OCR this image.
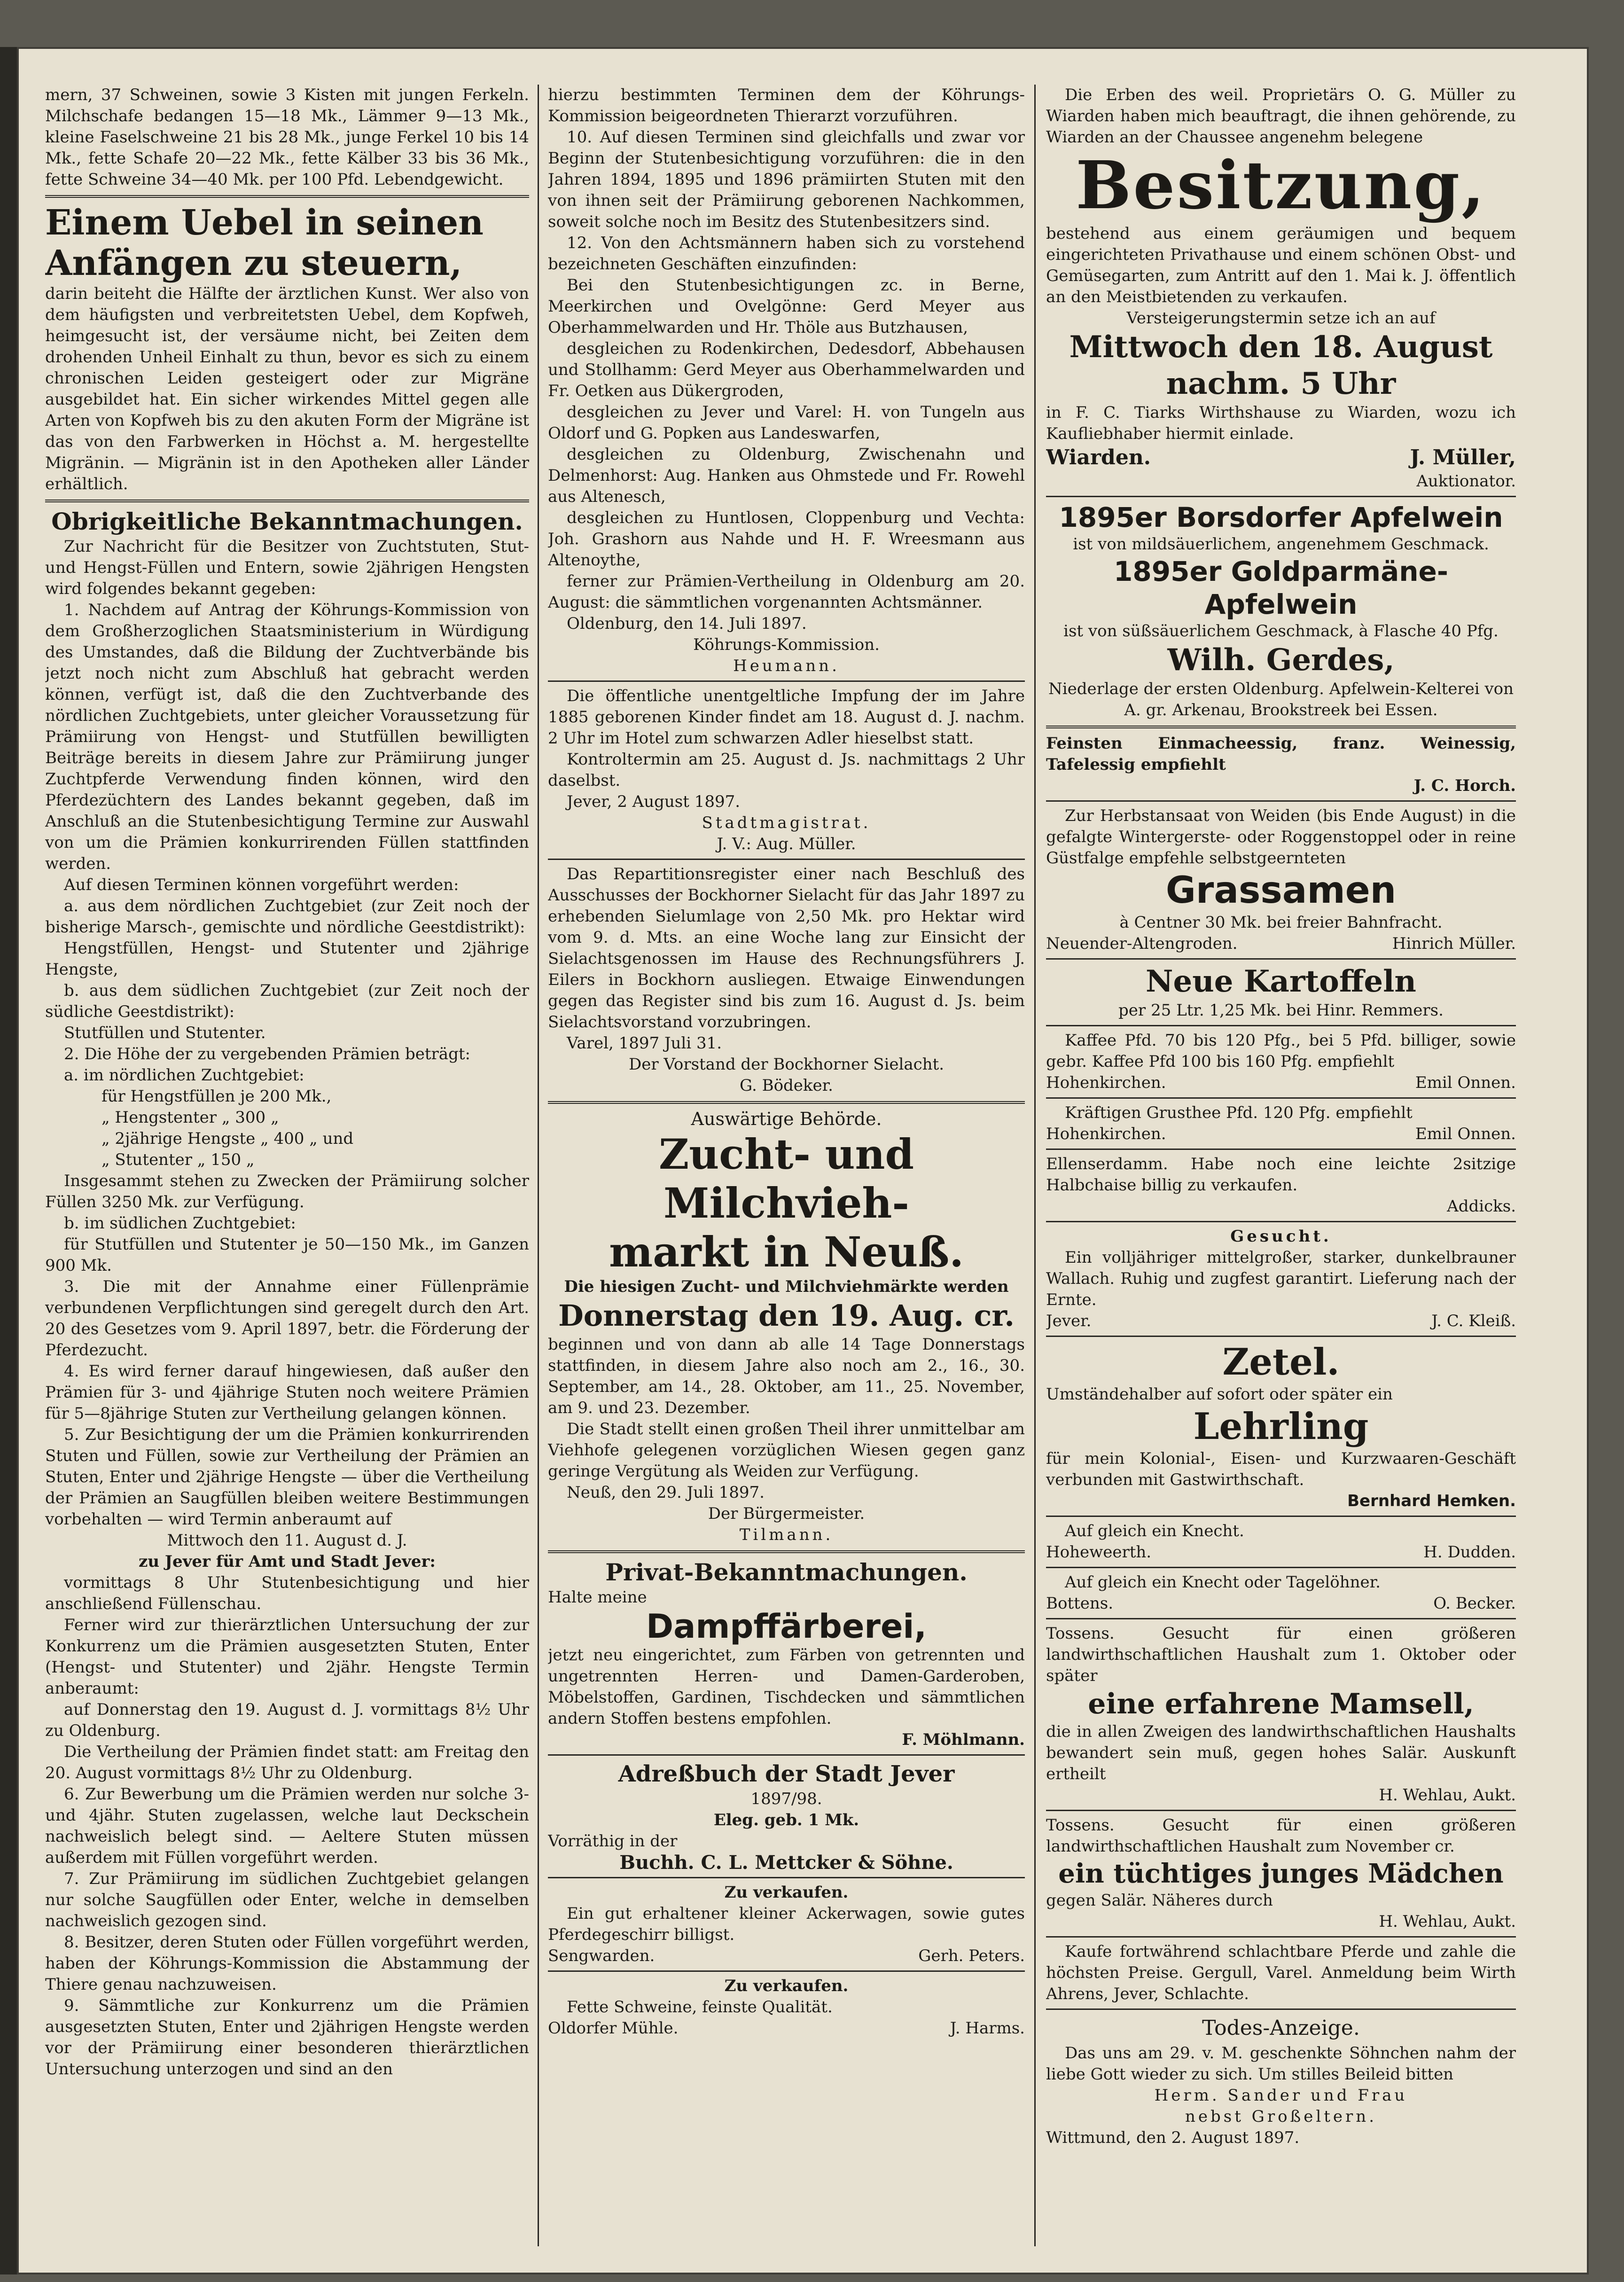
mern, 37 Schweinen, sowie 3 Kisten mit jungen Ferkeln. Milchschafe bedangen 15—18 Mk., Lämmer 9—13 Mk., kleine Faselschweine 21 bis 28 Mk., junge Ferkel 10 bis 14 Mk., fette Schafe 20—22 Mk., fette Kälber 33 bis 36 Mk., fette Schweine 34—40 Mk. per 100 Pfd. Lebendgewicht.

Einem Uebel in seinen Anfängen zu steuern,

darin beiteht die Hälfte der ärztlichen Kunst. Wer also von dem häufigsten und verbreitetsten Uebel, dem Kopfweh, heimgesucht ist, der versäume nicht, bei Zeiten dem drohenden Unheil Einhalt zu thun, bevor es sich zu einem chronischen Leiden gesteigert oder zur Migräne ausgebildet hat. Ein sicher wirkendes Mittel gegen alle Arten von Kopfweh bis zu den akuten Form der Migräne ist das von den Farbwerken in Höchst a. M. hergestellte Migränin. — Migränin ist in den Apotheken aller Länder erhältlich.

Obrigkeitliche Bekanntmachungen.

Zur Nachricht für die Besitzer von Zuchtstuten, Stut- und Hengst-Füllen und Entern, sowie 2jährigen Hengsten wird folgendes bekannt gegeben:

1. Nachdem auf Antrag der Köhrungs-Kommission von dem Großherzoglichen Staatsministerium in Würdigung des Umstandes, daß die Bildung der Zuchtverbände bis jetzt noch nicht zum Abschluß hat gebracht werden können, verfügt ist, daß die den Zuchtverbande des nördlichen Zuchtgebiets, unter gleicher Voraussetzung für Prämiirung von Hengst- und Stutfüllen bewilligten Beiträge bereits in diesem Jahre zur Prämiirung junger Zuchtpferde Verwendung finden können, wird den Pferdezüchtern des Landes bekannt gegeben, daß im Anschluß an die Stutenbesichtigung Termine zur Auswahl von um die Prämien konkurrirenden Füllen stattfinden werden.

Auf diesen Terminen können vorgeführt werden:

a. aus dem nördlichen Zuchtgebiet (zur Zeit noch der bisherige Marsch-, gemischte und nördliche Geestdistrikt):

Hengstfüllen, Hengst- und Stutenter und 2jährige Hengste,

b. aus dem südlichen Zuchtgebiet (zur Zeit noch der südliche Geestdistrikt):

Stutfüllen und Stutenter.

2. Die Höhe der zu vergebenden Prämien beträgt:

a. im nördlichen Zuchtgebiet:

für Hengstfüllen je 200 Mk.,

„ Hengstenter „ 300 „

„ 2jährige Hengste „ 400 „ und

„ Stutenter „ 150 „

Insgesammt stehen zu Zwecken der Prämiirung solcher Füllen 3250 Mk. zur Verfügung.

b. im südlichen Zuchtgebiet:

für Stutfüllen und Stutenter je 50—150 Mk., im Ganzen 900 Mk.

3. Die mit der Annahme einer Füllenprämie verbundenen Verpflichtungen sind geregelt durch den Art. 20 des Gesetzes vom 9. April 1897, betr. die Förderung der Pferdezucht.

4. Es wird ferner darauf hingewiesen, daß außer den Prämien für 3- und 4jährige Stuten noch weitere Prämien für 5—8jährige Stuten zur Vertheilung gelangen können.

5. Zur Besichtigung der um die Prämien konkurrirenden Stuten und Füllen, sowie zur Vertheilung der Prämien an Stuten, Enter und 2jährige Hengste — über die Vertheilung der Prämien an Saugfüllen bleiben weitere Bestimmungen vorbehalten — wird Termin anberaumt auf

Mittwoch den 11. August d. J.

zu Jever für Amt und Stadt Jever:

vormittags 8 Uhr Stutenbesichtigung und hier anschließend Füllenschau.

Ferner wird zur thierärztlichen Untersuchung der zur Konkurrenz um die Prämien ausgesetzten Stuten, Enter (Hengst- und Stutenter) und 2jähr. Hengste Termin anberaumt:

auf Donnerstag den 19. August d. J. vormittags 8½ Uhr zu Oldenburg.

Die Vertheilung der Prämien findet statt: am Freitag den 20. August vormittags 8½ Uhr zu Oldenburg.

6. Zur Bewerbung um die Prämien werden nur solche 3- und 4jähr. Stuten zugelassen, welche laut Deckschein nachweislich belegt sind. — Aeltere Stuten müssen außerdem mit Füllen vorgeführt werden.

7. Zur Prämiirung im südlichen Zuchtgebiet gelangen nur solche Saugfüllen oder Enter, welche in demselben nachweislich gezogen sind.

8. Besitzer, deren Stuten oder Füllen vorgeführt werden, haben der Köhrungs-Kommission die Abstammung der Thiere genau nachzuweisen.

9. Sämmtliche zur Konkurrenz um die Prämien ausgesetzten Stuten, Enter und 2jährigen Hengste werden vor der Prämiirung einer besonderen thierärztlichen Untersuchung unterzogen und sind an den

hierzu bestimmten Terminen dem der Köhrungs-Kommission beigeordneten Thierarzt vorzuführen.

10. Auf diesen Terminen sind gleichfalls und zwar vor Beginn der Stutenbesichtigung vorzuführen: die in den Jahren 1894, 1895 und 1896 prämiirten Stuten mit den von ihnen seit der Prämiirung geborenen Nachkommen, soweit solche noch im Besitz des Stutenbesitzers sind.

12. Von den Achtsmännern haben sich zu vorstehend bezeichneten Geschäften einzufinden:

Bei den Stutenbesichtigungen zc. in Berne, Meerkirchen und Ovelgönne: Gerd Meyer aus Oberhammelwarden und Hr. Thöle aus Butzhausen,

desgleichen zu Rodenkirchen, Dedesdorf, Abbehausen und Stollhamm: Gerd Meyer aus Oberhammelwarden und Fr. Oetken aus Dükergroden,

desgleichen zu Jever und Varel: H. von Tungeln aus Oldorf und G. Popken aus Landeswarfen,

desgleichen zu Oldenburg, Zwischenahn und Delmenhorst: Aug. Hanken aus Ohmstede und Fr. Rowehl aus Altenesch,

desgleichen zu Huntlosen, Cloppenburg und Vechta: Joh. Grashorn aus Nahde und H. F. Wreesmann aus Altenoythe,

ferner zur Prämien-Vertheilung in Oldenburg am 20. August: die sämmtlichen vorgenannten Achtsmänner.

Oldenburg, den 14. Juli 1897.

Köhrungs-Kommission.

Heumann.

Die öffentliche unentgeltliche Impfung der im Jahre 1885 geborenen Kinder findet am 18. August d. J. nachm. 2 Uhr im Hotel zum schwarzen Adler hieselbst statt.

Kontroltermin am 25. August d. Js. nachmittags 2 Uhr daselbst.

Jever, 2 August 1897.

Stadtmagistrat.

J. V.: Aug. Müller.

Das Repartitionsregister einer nach Beschluß des Ausschusses der Bockhorner Sielacht für das Jahr 1897 zu erhebenden Sielumlage von 2,50 Mk. pro Hektar wird vom 9. d. Mts. an eine Woche lang zur Einsicht der Sielachtsgenossen im Hause des Rechnungsführers J. Eilers in Bockhorn ausliegen. Etwaige Einwendungen gegen das Register sind bis zum 16. August d. Js. beim Sielachtsvorstand vorzubringen.

Varel, 1897 Juli 31.

Der Vorstand der Bockhorner Sielacht.

G. Bödeker.

Auswärtige Behörde.

Zucht- und Milchvieh-

markt in Neuß.

Die hiesigen Zucht- und Milchviehmärkte werden

Donnerstag den 19. Aug. cr.

beginnen und von dann ab alle 14 Tage Donnerstags stattfinden, in diesem Jahre also noch am 2., 16., 30. September, am 14., 28. Oktober, am 11., 25. November, am 9. und 23. Dezember.

Die Stadt stellt einen großen Theil ihrer unmittelbar am Viehhofe gelegenen vorzüglichen Wiesen gegen ganz geringe Vergütung als Weiden zur Verfügung.

Neuß, den 29. Juli 1897.

Der Bürgermeister.

Tilmann.

Privat-Bekanntmachungen.

Halte meine

Dampffärberei,

jetzt neu eingerichtet, zum Färben von getrennten und ungetrennten Herren- und Damen-Garderoben, Möbelstoffen, Gardinen, Tischdecken und sämmtlichen andern Stoffen bestens empfohlen.

F. Möhlmann.

Adreßbuch der Stadt Jever

1897/98.

Eleg. geb. 1 Mk.

Vorräthig in der

Buchh. C. L. Mettcker & Söhne.

Zu verkaufen.

Ein gut erhaltener kleiner Ackerwagen, sowie gutes Pferdegeschirr billigst.

Sengwarden.	Gerh. Peters.

Zu verkaufen.

Fette Schweine, feinste Qualität.

Oldorfer Mühle.	J. Harms.

Die Erben des weil. Proprietärs O. G. Müller zu Wiarden haben mich beauftragt, die ihnen gehörende, zu Wiarden an der Chaussee angenehm belegene

Besitzung,

bestehend aus einem geräumigen und bequem eingerichteten Privathause und einem schönen Obst- und Gemüsegarten, zum Antritt auf den 1. Mai k. J. öffentlich an den Meistbietenden zu verkaufen.

Versteigerungstermin setze ich an auf

Mittwoch den 18. August

nachm. 5 Uhr

in F. C. Tiarks Wirthshause zu Wiarden, wozu ich Kaufliebhaber hiermit einlade.

Wiarden.	J. Müller,

Auktionator.

1895er Borsdorfer Apfelwein

ist von mildsäuerlichem, angenehmem Geschmack.

1895er Goldparmäne-Apfelwein

ist von süßsäuerlichem Geschmack, à Flasche 40 Pfg.

Wilh. Gerdes,

Niederlage der ersten Oldenburg. Apfelwein-Kelterei von A. gr. Arkenau, Brookstreek bei Essen.

Feinsten Einmacheessig, franz. Weinessig, Tafelessig empfiehlt

J. C. Horch.

Zur Herbstansaat von Weiden (bis Ende August) in die gefalgte Wintergerste- oder Roggenstoppel oder in reine Güstfalge empfehle selbstgeernteten

Grassamen

à Centner 30 Mk. bei freier Bahnfracht.

Neuender-Altengroden.	Hinrich Müller.

Neue Kartoffeln

per 25 Ltr. 1,25 Mk. bei Hinr. Remmers.

Kaffee Pfd. 70 bis 120 Pfg., bei 5 Pfd. billiger, sowie gebr. Kaffee Pfd 100 bis 160 Pfg. empfiehlt

Hohenkirchen.	Emil Onnen.

Kräftigen Grusthee Pfd. 120 Pfg. empfiehlt

Hohenkirchen.	Emil Onnen.

Ellenserdamm. Habe noch eine leichte 2sitzige Halbchaise billig zu verkaufen.

Addicks.

Gesucht.

Ein volljähriger mittelgroßer, starker, dunkelbrauner Wallach. Ruhig und zugfest garantirt. Lieferung nach der Ernte.

Jever.	J. C. Kleiß.

Zetel.

Umständehalber auf sofort oder später ein

Lehrling

für mein Kolonial-, Eisen- und Kurzwaaren-Geschäft verbunden mit Gastwirthschaft.

Bernhard Hemken.

Auf gleich ein Knecht.

Hoheweerth.	H. Dudden.

Auf gleich ein Knecht oder Tagelöhner.

Bottens.	O. Becker.

Tossens. Gesucht für einen größeren landwirthschaftlichen Haushalt zum 1. Oktober oder später

eine erfahrene Mamsell,

die in allen Zweigen des landwirthschaftlichen Haushalts bewandert sein muß, gegen hohes Salär. Auskunft ertheilt

H. Wehlau, Aukt.

Tossens. Gesucht für einen größeren landwirthschaftlichen Haushalt zum November cr.

ein tüchtiges junges Mädchen

gegen Salär. Näheres durch

H. Wehlau, Aukt.

Kaufe fortwährend schlachtbare Pferde und zahle die höchsten Preise. Gergull, Varel. Anmeldung beim Wirth Ahrens, Jever, Schlachte.

Todes-Anzeige.

Das uns am 29. v. M. geschenkte Söhnchen nahm der liebe Gott wieder zu sich. Um stilles Beileid bitten

Herm. Sander und Frau

nebst Großeltern.

Wittmund, den 2. August 1897.
